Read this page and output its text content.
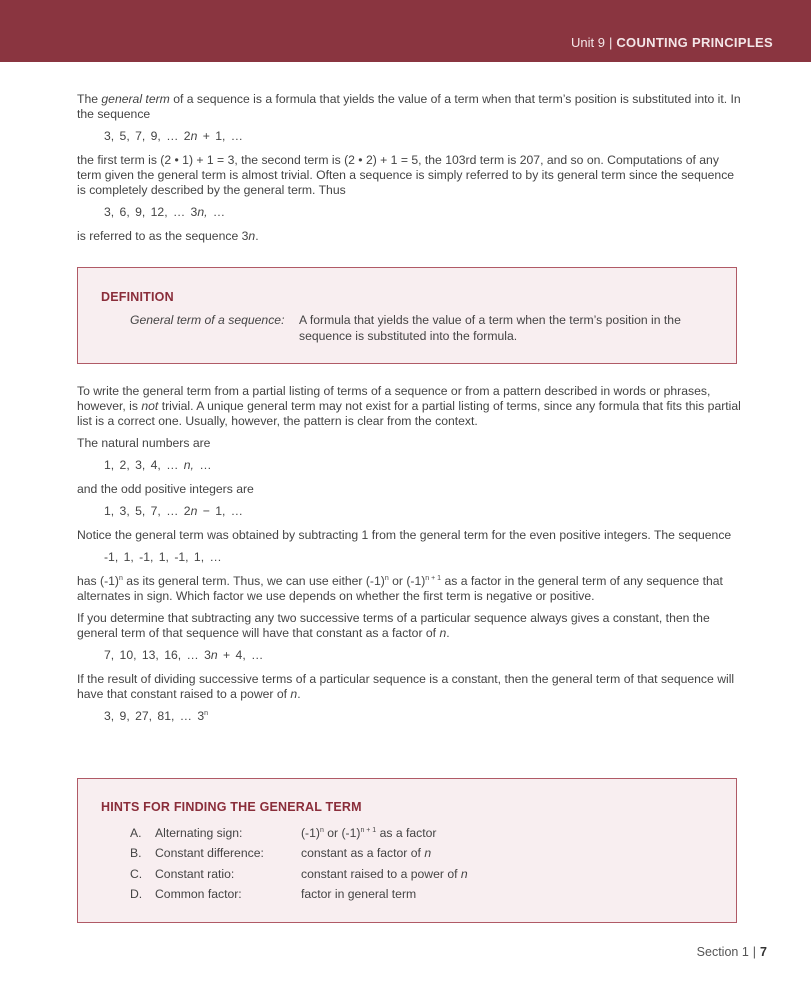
Unit 9 | COUNTING PRINCIPLES

The general term of a sequence is a formula that yields the value of a term when that term’s position is substituted into it. In the sequence

3, 5, 7, 9, … 2n + 1, …

the first term is (2 • 1) + 1 = 3, the second term is (2 • 2) + 1 = 5, the 103rd term is 207, and so on. Computations of any term given the general term is almost trivial. Often a sequence is simply referred to by its general term since the sequence is completely described by the general term. Thus

3, 6, 9, 12, … 3n, …

is referred to as the sequence 3n.

DEFINITION
General term of a sequence: A formula that yields the value of a term when the term’s position in the sequence is substituted into the formula.

To write the general term from a partial listing of terms of a sequence or from a pattern described in words or phrases, however, is not trivial. A unique general term may not exist for a partial listing of terms, since any formula that fits this partial list is a correct one. Usually, however, the pattern is clear from the context.

The natural numbers are

1, 2, 3, 4, … n, …

and the odd positive integers are

1, 3, 5, 7, … 2n − 1, …

Notice the general term was obtained by subtracting 1 from the general term for the even positive integers. The sequence

-1, 1, -1, 1, -1, 1, …

has $(-1)^n$ as its general term. Thus, we can use either $(-1)^n$ or $(-1)^{n + 1}$ as a factor in the general term of any sequence that alternates in sign. Which factor we use depends on whether the first term is negative or positive.

If you determine that subtracting any two successive terms of a particular sequence always gives a constant, then the general term of that sequence will have that constant as a factor of n.

7, 10, 13, 16, … 3n + 4, …

If the result of dividing successive terms of a particular sequence is a constant, then the general term of that sequence will have that constant raised to a power of n.

3, 9, 27, 81, … 3$^n$
HINTS FOR FINDING THE GENERAL TERM
A. Alternating sign:	$(-1)^n$ or $(-1)^{n + 1}$ as a factor
B. Constant difference:	constant as a factor of n
C. Constant ratio:	constant raised to a power of n
D. Common factor:	factor in general term
Section 1 | 7
